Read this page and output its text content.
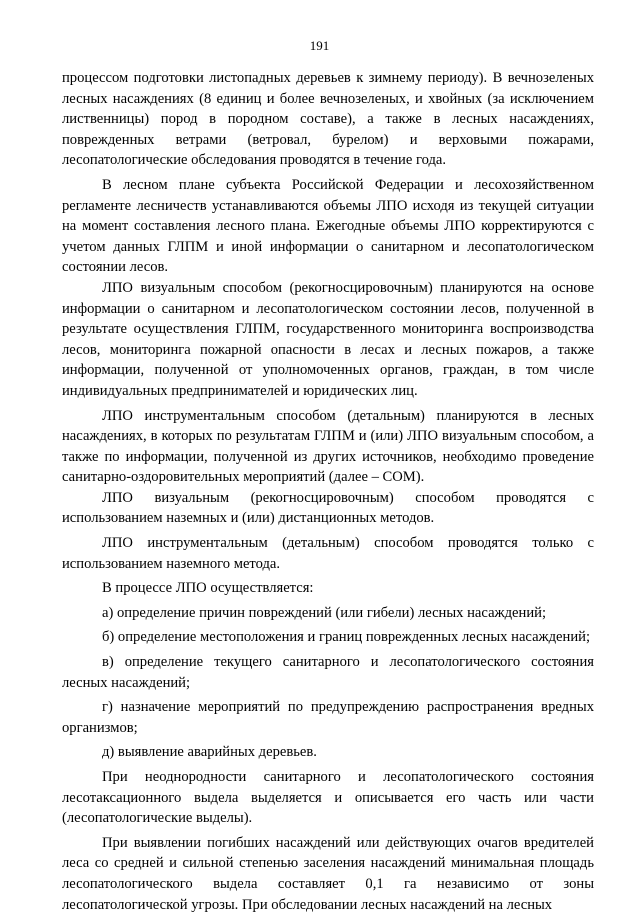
191

процессом подготовки листопадных деревьев к зимнему периоду). В вечнозеленых лесных насаждениях (8 единиц и более вечнозеленых, и хвойных (за исключением лиственницы) пород в породном составе), а также в лесных насаждениях, поврежденных ветрами (ветровал, бурелом) и верховыми пожарами, лесопатологические обследования проводятся в течение года.

В лесном плане субъекта Российской Федерации и лесохозяйственном регламенте лесничеств устанавливаются объемы ЛПО исходя из текущей ситуации на момент составления лесного плана. Ежегодные объемы ЛПО корректируются с учетом данных ГЛПМ и иной информации о санитарном и лесопатологическом состоянии лесов.

ЛПО визуальным способом (рекогносцировочным) планируются на основе информации о санитарном и лесопатологическом состоянии лесов, полученной в результате осуществления ГЛПМ, государственного мониторинга воспроизводства лесов, мониторинга пожарной опасности в лесах и лесных пожаров, а также информации, полученной от уполномоченных органов, граждан, в том числе индивидуальных предпринимателей и юридических лиц.

ЛПО инструментальным способом (детальным) планируются в лесных насаждениях, в которых по результатам ГЛПМ и (или) ЛПО визуальным способом, а также по информации, полученной из других источников, необходимо проведение санитарно-оздоровительных мероприятий (далее – СОМ).

ЛПО визуальным (рекогносцировочным) способом проводятся с использованием наземных и (или) дистанционных методов.

ЛПО инструментальным (детальным) способом проводятся только с использованием наземного метода.

В процессе ЛПО осуществляется:

а) определение причин повреждений (или гибели) лесных насаждений;

б) определение местоположения и границ поврежденных лесных насаждений;

в) определение текущего санитарного и лесопатологического состояния лесных насаждений;

г) назначение мероприятий по предупреждению распространения вредных организмов;

д) выявление аварийных деревьев.

При неоднородности санитарного и лесопатологического состояния лесотаксационного выдела выделяется и описывается его часть или части (лесопатологические выделы).

При выявлении погибших насаждений или действующих очагов вредителей леса со средней и сильной степенью заселения насаждений минимальная площадь лесопатологического выдела составляет 0,1 га независимо от зоны лесопатологической угрозы. При обследовании лесных насаждений на лесных
